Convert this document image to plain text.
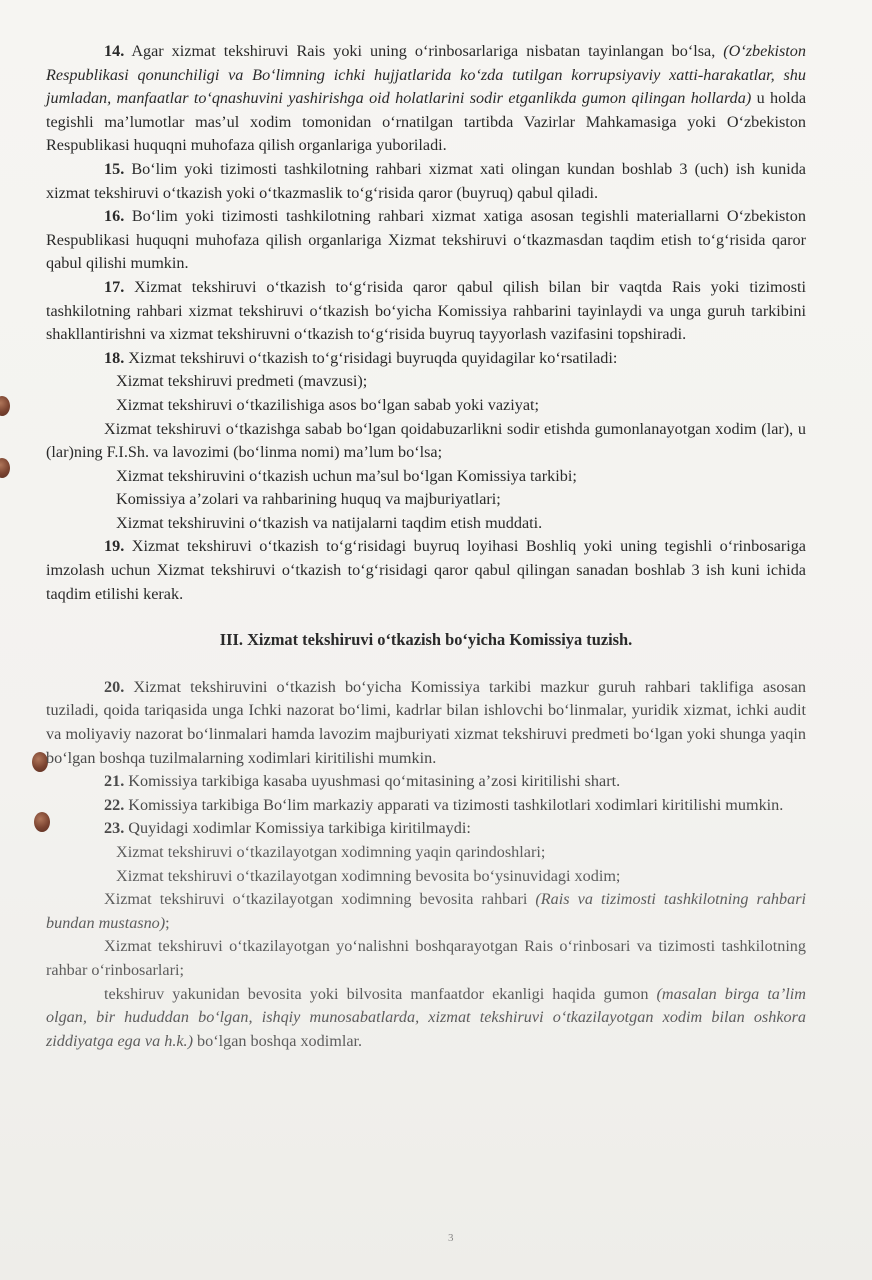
14. Agar xizmat tekshiruvi Rais yoki uning o‘rinbosarlariga nisbatan tayinlangan bo‘lsa, (O‘zbekiston Respublikasi qonunchiligi va Bo‘limning ichki hujjatlarida ko‘zda tutilgan korrupsiyaviy xatti-harakatlar, shu jumladan, manfaatlar to‘qnashuvini yashirishga oid holatlarini sodir etganlikda gumon qilingan hollarda) u holda tegishli ma’lumotlar mas’ul xodim tomonidan o‘rnatilgan tartibda Vazirlar Mahkamasiga yoki O‘zbekiston Respublikasi huquqni muhofaza qilish organlariga yuboriladi.

15. Bo‘lim yoki tizimosti tashkilotning rahbari xizmat xati olingan kundan boshlab 3 (uch) ish kunida xizmat tekshiruvi o‘tkazish yoki o‘tkazmaslik to‘g‘risida qaror (buyruq) qabul qiladi.

16. Bo‘lim yoki tizimosti tashkilotning rahbari xizmat xatiga asosan tegishli materiallarni O‘zbekiston Respublikasi huquqni muhofaza qilish organlariga Xizmat tekshiruvi o‘tkazmasdan taqdim etish to‘g‘risida qaror qabul qilishi mumkin.

17. Xizmat tekshiruvi o‘tkazish to‘g‘risida qaror qabul qilish bilan bir vaqtda Rais yoki tizimosti tashkilotning rahbari xizmat tekshiruvi o‘tkazish bo‘yicha Komissiya rahbarini tayinlaydi va unga guruh tarkibini shakllantirishni va xizmat tekshiruvni o‘tkazish to‘g‘risida buyruq tayyorlash vazifasini topshiradi.

18. Xizmat tekshiruvi o‘tkazish to‘g‘risidagi buyruqda quyidagilar ko‘rsatiladi:

Xizmat tekshiruvi predmeti (mavzusi);

Xizmat tekshiruvi o‘tkazilishiga asos bo‘lgan sabab yoki vaziyat;

Xizmat tekshiruvi o‘tkazishga sabab bo‘lgan qoidabuzarlikni sodir etishda gumonlanayotgan xodim (lar), u (lar)ning F.I.Sh. va lavozimi (bo‘linma nomi) ma’lum bo‘lsa;

Xizmat tekshiruvini o‘tkazish uchun ma’sul bo‘lgan Komissiya tarkibi;

Komissiya a’zolari va rahbarining huquq va majburiyatlari;

Xizmat tekshiruvini o‘tkazish va natijalarni taqdim etish muddati.

19. Xizmat tekshiruvi o‘tkazish to‘g‘risidagi buyruq loyihasi Boshliq yoki uning tegishli o‘rinbosariga imzolash uchun Xizmat tekshiruvi o‘tkazish to‘g‘risidagi qaror qabul qilingan sanadan boshlab 3 ish kuni ichida taqdim etilishi kerak.

III. Xizmat tekshiruvi o‘tkazish bo‘yicha Komissiya tuzish.

20. Xizmat tekshiruvini o‘tkazish bo‘yicha Komissiya tarkibi mazkur guruh rahbari taklifiga asosan tuziladi, qoida tariqasida unga Ichki nazorat bo‘limi, kadrlar bilan ishlovchi bo‘linmalar, yuridik xizmat, ichki audit va moliyaviy nazorat bo‘linmalari hamda lavozim majburiyati xizmat tekshiruvi predmeti bo‘lgan yoki shunga yaqin bo‘lgan boshqa tuzilmalarning xodimlari kiritilishi mumkin.

21. Komissiya tarkibiga kasaba uyushmasi qo‘mitasining a’zosi kiritilishi shart.

22. Komissiya tarkibiga Bo‘lim markaziy apparati va tizimosti tashkilotlari xodimlari kiritilishi mumkin.

23. Quyidagi xodimlar Komissiya tarkibiga kiritilmaydi:

Xizmat tekshiruvi o‘tkazilayotgan xodimning yaqin qarindoshlari;

Xizmat tekshiruvi o‘tkazilayotgan xodimning bevosita bo‘ysinuvidagi xodim;

Xizmat tekshiruvi o‘tkazilayotgan xodimning bevosita rahbari (Rais va tizimosti tashkilotning rahbari bundan mustasno);

Xizmat tekshiruvi o‘tkazilayotgan yo‘nalishni boshqarayotgan Rais o‘rinbosari va tizimosti tashkilotning rahbar o‘rinbosarlari;

tekshiruv yakunidan bevosita yoki bilvosita manfaatdor ekanligi haqida gumon (masalan birga ta’lim olgan, bir hududdan bo‘lgan, ishqiy munosabatlarda, xizmat tekshiruvi o‘tkazilayotgan xodim bilan oshkora ziddiyatga ega va h.k.) bo‘lgan boshqa xodimlar.

3
